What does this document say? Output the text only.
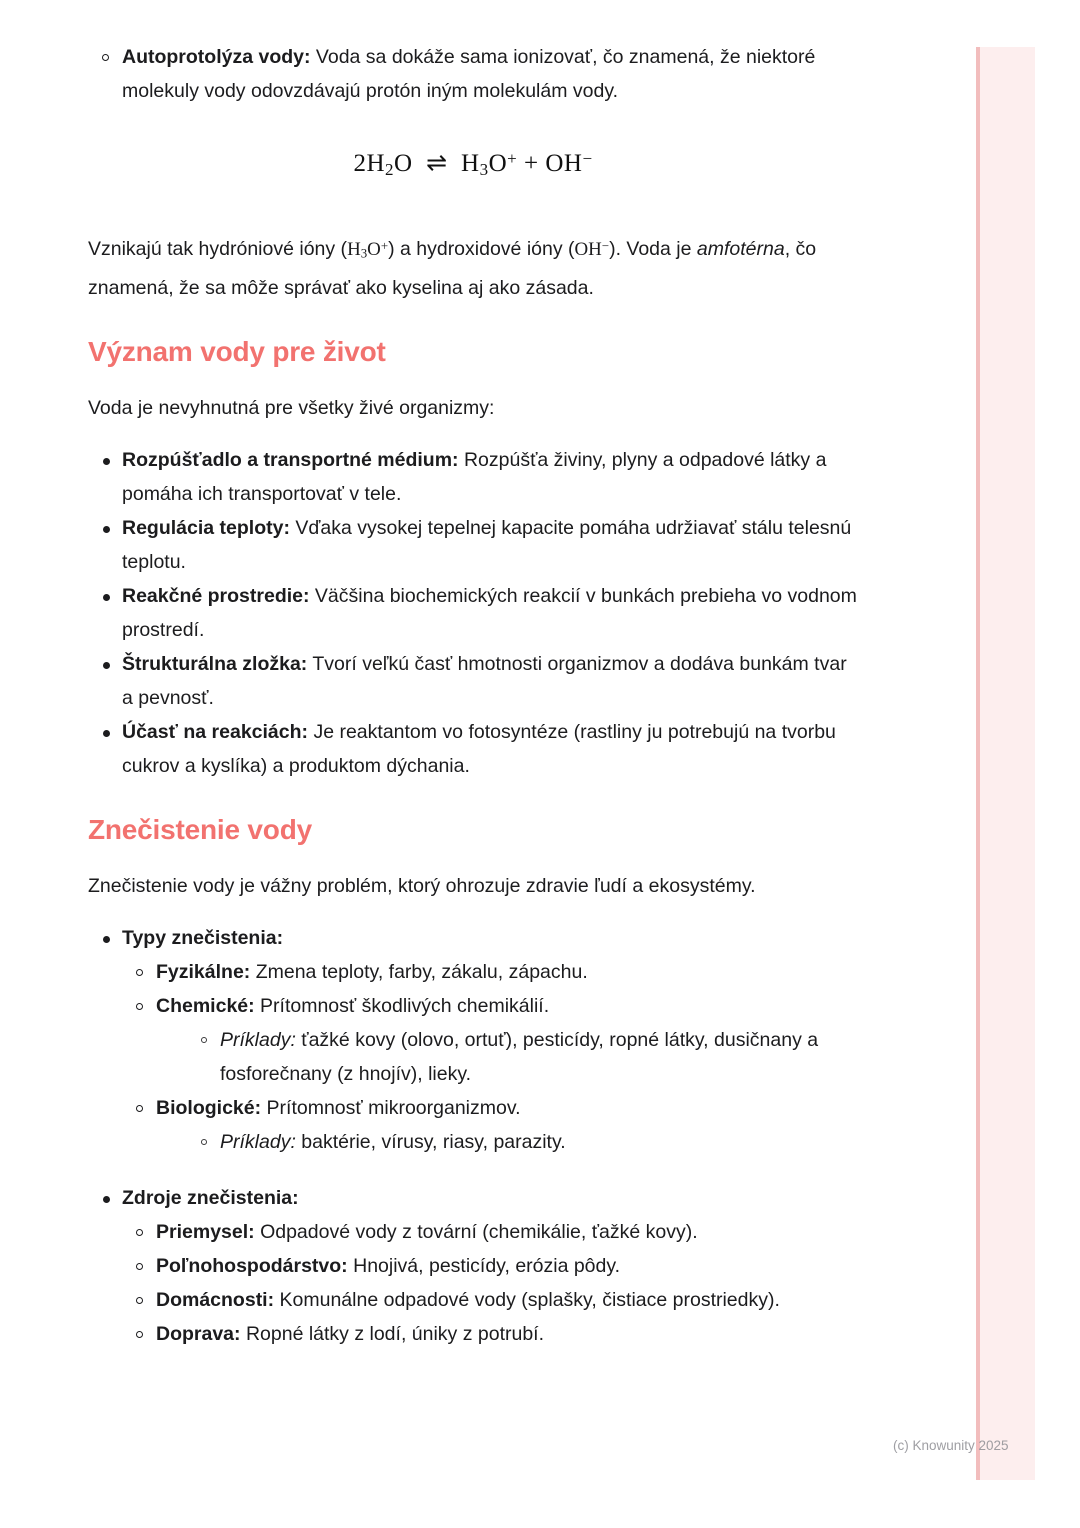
Autoprotolýza vody: Voda sa dokáže sama ionizovať, čo znamená, že niektoré molekuly vody odovzdávajú protón iným molekulám vody.
$2H_2O$ ⇌ $H_3O^+ + OH^-$

Vznikajú tak hydróniové ióny $(H_3O^+)$ a hydroxidové ióny (OH−). Voda je amfotérna, čo znamená, že sa môže správať ako kyselina aj ako zásada.

Význam vody pre život

Voda je nevyhnutná pre všetky živé organizmy:

Rozpúšťadlo a transportné médium: Rozpúšťa živiny, plyny a odpadové látky a pomáha ich transportovať v tele.
Regulácia teploty: Vďaka vysokej tepelnej kapacite pomáha udržiavať stálu telesnú teplotu.
Reakčné prostredie: Väčšina biochemických reakcií v bunkách prebieha vo vodnom prostredí.
Štrukturálna zložka: Tvorí veľkú časť hmotnosti organizmov a dodáva bunkám tvar a pevnosť.
Účasť na reakciách: Je reaktantom vo fotosyntéze (rastliny ju potrebujú na tvorbu cukrov a kyslíka) a produktom dýchania.
Znečistenie vody

Znečistenie vody je vážny problém, ktorý ohrozuje zdravie ľudí a ekosystémy.

Typy znečistenia:
Fyzikálne: Zmena teploty, farby, zákalu, zápachu.
Chemické: Prítomnosť škodlivých chemikálií.
Príklady: ťažké kovy (olovo, ortuť), pesticídy, ropné látky, dusičnany a fosforečnany (z hnojív), lieky.
Biologické: Prítomnosť mikroorganizmov.
Príklady: baktérie, vírusy, riasy, parazity.
Zdroje znečistenia:
Priemysel: Odpadové vody z tovární (chemikálie, ťažké kovy).
Poľnohospodárstvo: Hnojivá, pesticídy, erózia pôdy.
Domácnosti: Komunálne odpadové vody (splašky, čistiace prostriedky).
Doprava: Ropné látky z lodí, úniky z potrubí.
(c) Knowunity 2025
